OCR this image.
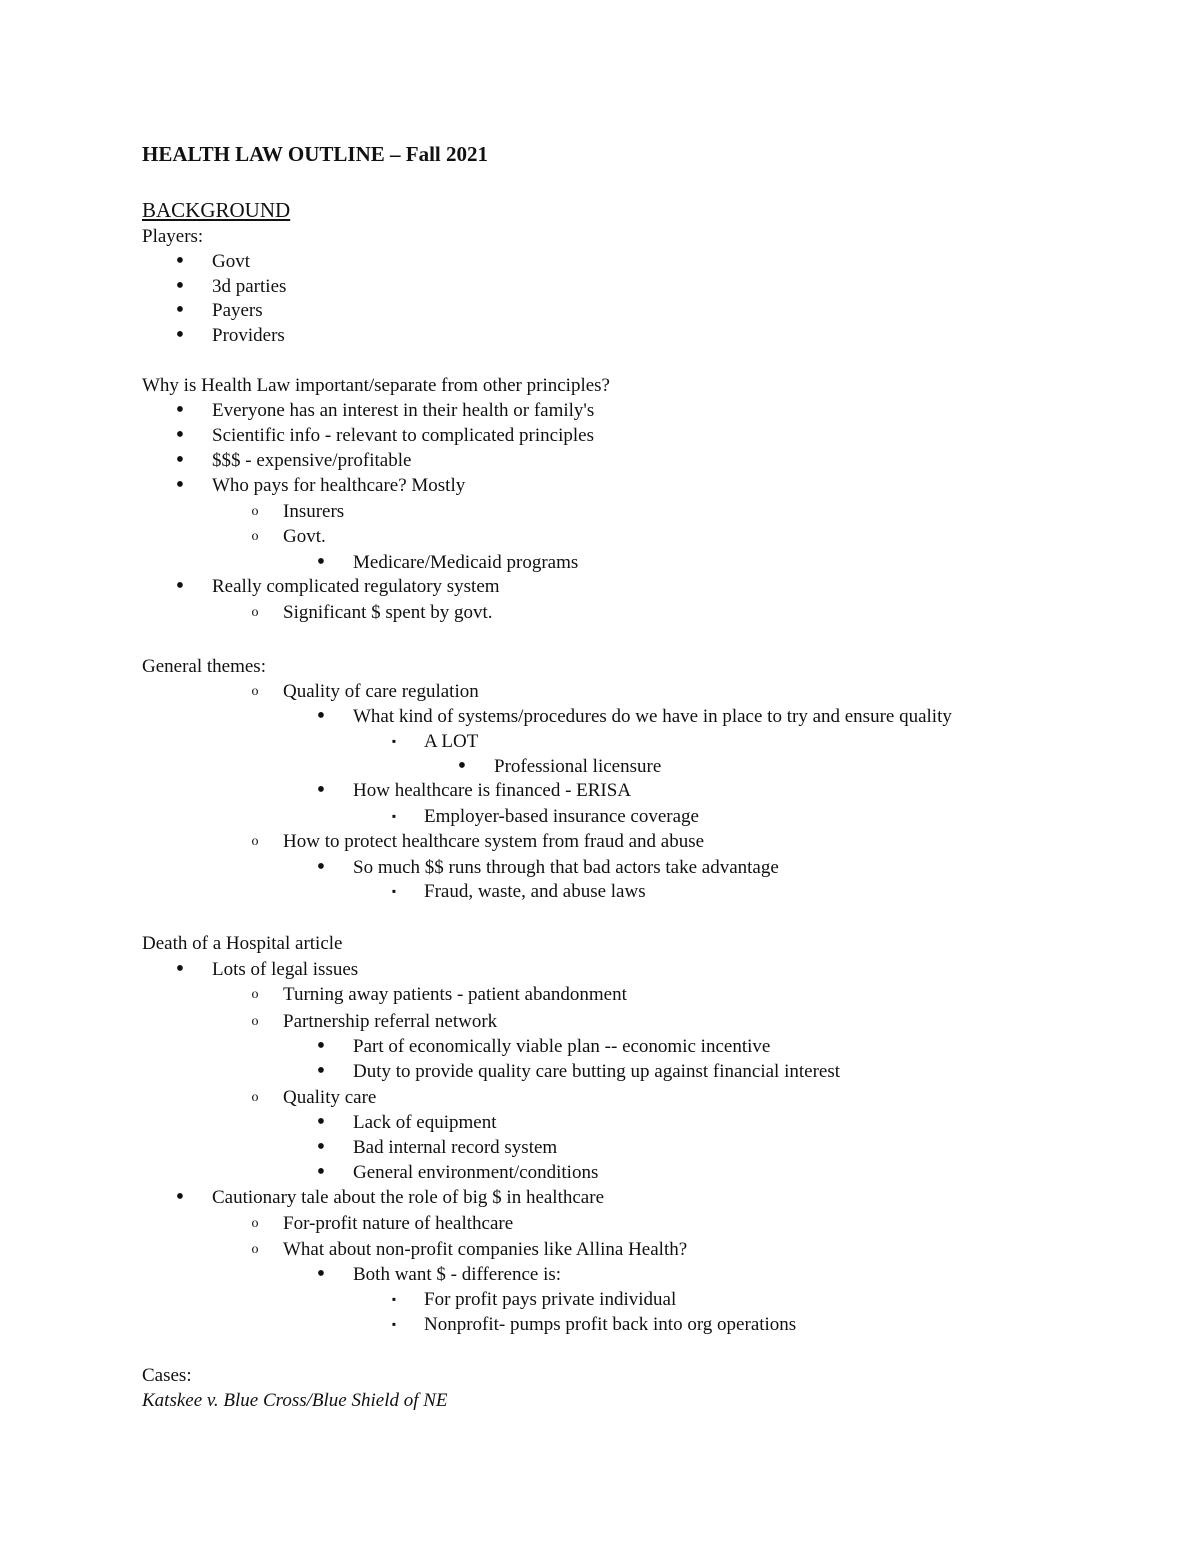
HEALTH LAW OUTLINE – Fall 2021
BACKGROUND
Players:
•
Govt
•
3d parties
•
Payers
•
Providers
Why is Health Law important/separate from other principles?
•
Everyone has an interest in their health or family's
•
Scientific info - relevant to complicated principles
•
$$$ - expensive/profitable
•
Who pays for healthcare? Mostly
o
Insurers
o
Govt.
•
Medicare/Medicaid programs
•
Really complicated regulatory system
o
Significant $ spent by govt.
General themes:
o
Quality of care regulation
•
What kind of systems/procedures do we have in place to try and ensure quality
▪
A LOT
•
Professional licensure
•
How healthcare is financed - ERISA
▪
Employer-based insurance coverage
o
How to protect healthcare system from fraud and abuse
•
So much $$ runs through that bad actors take advantage
▪
Fraud, waste, and abuse laws
Death of a Hospital article
•
Lots of legal issues
o
Turning away patients - patient abandonment
o
Partnership referral network
•
Part of economically viable plan -- economic incentive
•
Duty to provide quality care butting up against financial interest
o
Quality care
•
Lack of equipment
•
Bad internal record system
•
General environment/conditions
•
Cautionary tale about the role of big $ in healthcare
o
For-profit nature of healthcare
o
What about non-profit companies like Allina Health?
•
Both want $ - difference is:
▪
For profit pays private individual
▪
Nonprofit- pumps profit back into org operations
Cases:
Katskee v. Blue Cross/Blue Shield of NE
